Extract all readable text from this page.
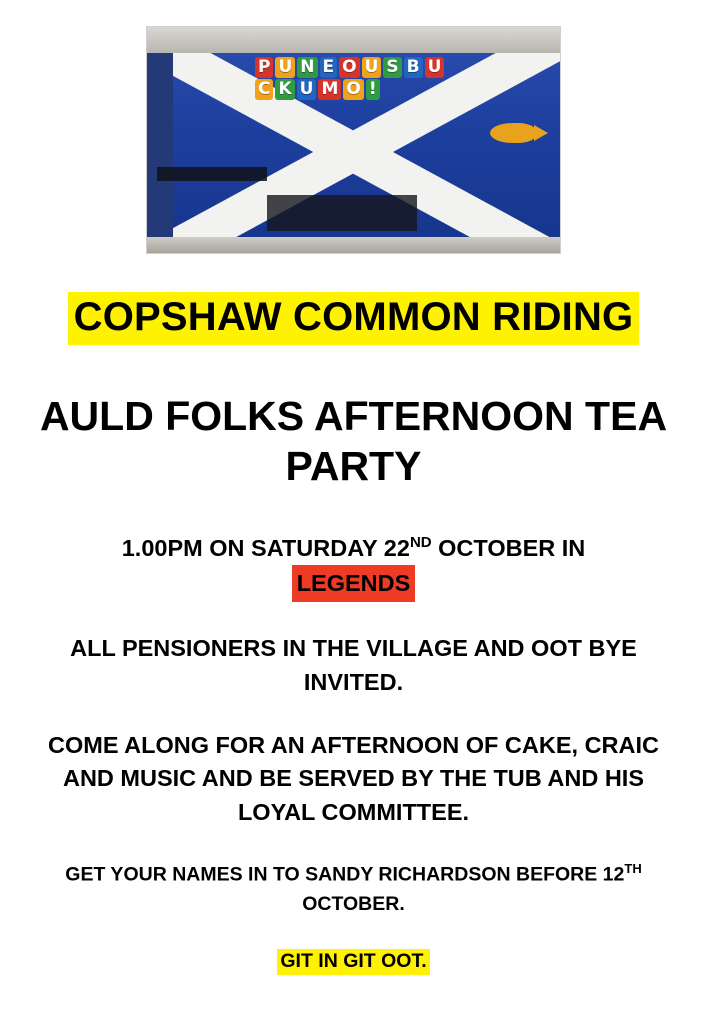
P U N E O U S B U
C K U M O !
COPSHAW COMMON RIDING
AULD FOLKS AFTERNOON TEA PARTY
1.00PM ON SATURDAY 22ND OCTOBER IN
LEGENDS
ALL PENSIONERS IN THE VILLAGE AND OOT BYE INVITED.
COME ALONG FOR AN AFTERNOON OF CAKE, CRAIC AND MUSIC AND BE SERVED BY THE TUB AND HIS LOYAL COMMITTEE.
GET YOUR NAMES IN TO SANDY RICHARDSON BEFORE 12TH OCTOBER.
GIT IN GIT OOT.
